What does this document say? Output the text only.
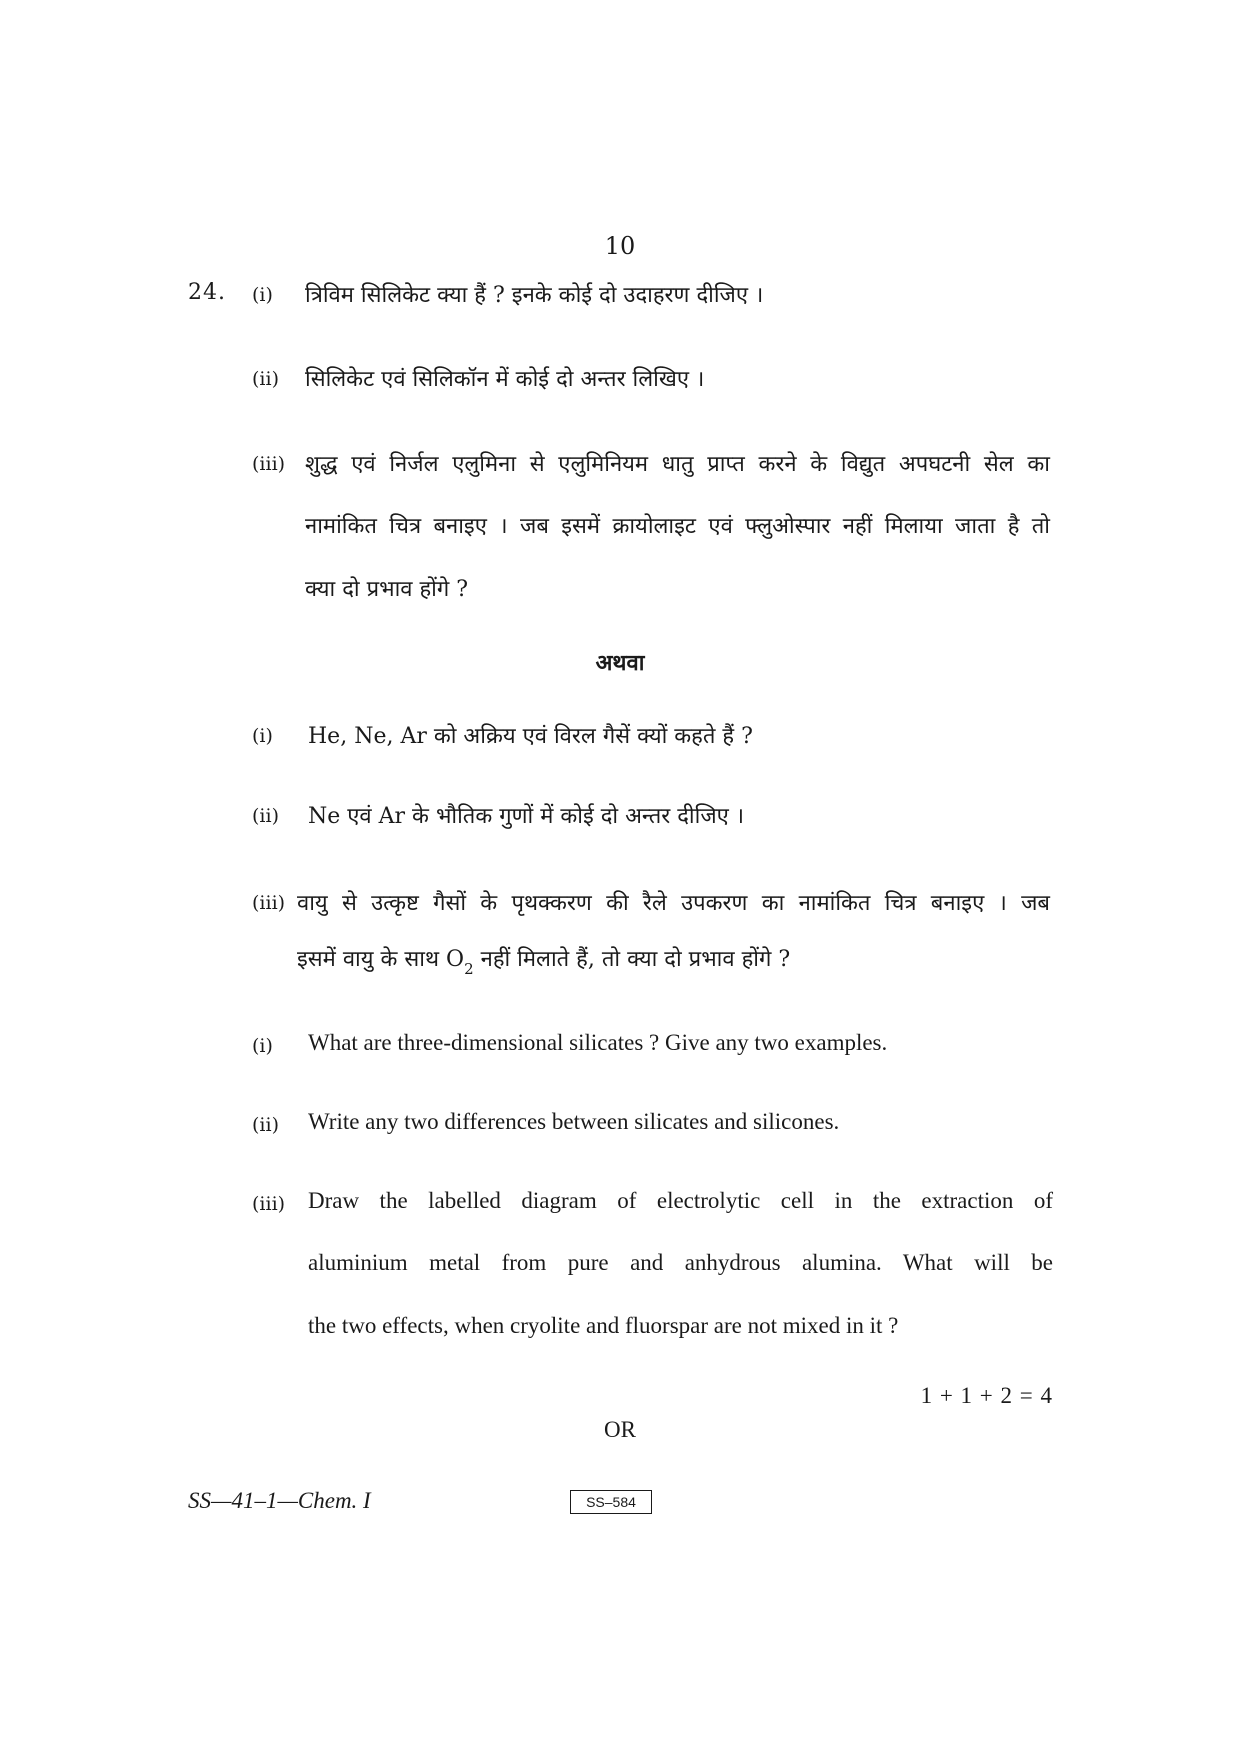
10
24. (i) त्रिविम सिलिकेट क्या हैं ? इनके कोई दो उदाहरण दीजिए ।
(ii) सिलिकेट एवं सिलिकॉन में कोई दो अन्तर लिखिए ।
(iii) शुद्ध एवं निर्जल एलुमिना से एलुमिनियम धातु प्राप्त करने के विद्युत अपघटनी सेल का
नामांकित चित्र बनाइए । जब इसमें क्रायोलाइट एवं फ्लुओस्पार नहीं मिलाया जाता है तो
क्या दो प्रभाव होंगे ?
अथवा
(i) He, Ne, Ar को अक्रिय एवं विरल गैसें क्यों कहते हैं ?
(ii) Ne एवं Ar के भौतिक गुणों में कोई दो अन्तर दीजिए ।
(iii) वायु से उत्कृष्ट गैसों के पृथक्करण की रैले उपकरण का नामांकित चित्र बनाइए । जब
इसमें वायु के साथ $O_2$ नहीं मिलाते हैं, तो क्या दो प्रभाव होंगे ?
(i) What are three-dimensional silicates ? Give any two examples.
(ii) Write any two differences between silicates and silicones.
(iii) Draw the labelled diagram of electrolytic cell in the extraction of
aluminium metal from pure and anhydrous alumina. What will be
the two effects, when cryolite and fluorspar are not mixed in it ?
1 + 1 + 2 = 4
OR
SS—41–1—Chem. I	SS–584
